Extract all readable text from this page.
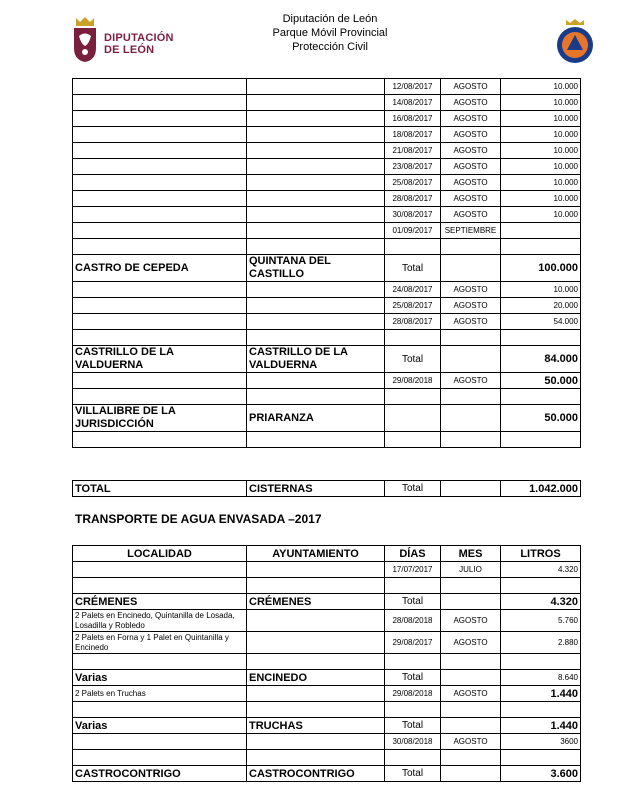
DIPUTACIÓN
DE LEÓN
Diputación de León
Parque Móvil Provincial
Protección Civil
		12/08/2017	AGOSTO	10.000
		14/08/2017	AGOSTO	10.000
		16/08/2017	AGOSTO	10.000
		18/08/2017	AGOSTO	10.000
		21/08/2017	AGOSTO	10.000
		23/08/2017	AGOSTO	10.000
		25/08/2017	AGOSTO	10.000
		28/08/2017	AGOSTO	10.000
		30/08/2017	AGOSTO	10.000
		01/09/2017	SEPTIEMBRE	

CASTRO DE CEPEDA	QUINTANA DEL CASTILLO	Total		100.000
		24/08/2017	AGOSTO	10.000
		25/08/2017	AGOSTO	20.000
		28/08/2017	AGOSTO	54.000

CASTRILLO DE LA VALDUERNA	CASTRILLO DE LA VALDUERNA	Total		84.000
		29/08/2018	AGOSTO	50.000

VILLALIBRE DE LA JURISDICCIÓN	PRIARANZA			50.000

TOTAL	CISTERNAS	Total		1.042.000
TRANSPORTE DE AGUA ENVASADA –2017
LOCALIDAD	AYUNTAMIENTO	DÍAS	MES	LITROS
		17/07/2017	JULIO	4.320

CRÉMENES	CRÉMENES	Total		4.320
2 Palets en Encinedo, Quintanilla de Losada, Losadilla y Robledo		28/08/2018	AGOSTO	5.760
2 Palets en Forna y 1 Palet en Quintanilla y Encinedo		29/08/2017	AGOSTO	2.880

Varias	ENCINEDO	Total		8.640
2 Palets en Truchas		29/08/2018	AGOSTO	1.440

Varias	TRUCHAS	Total		1.440
		30/08/2018	AGOSTO	3600

CASTROCONTRIGO	CASTROCONTRIGO	Total		3.600
